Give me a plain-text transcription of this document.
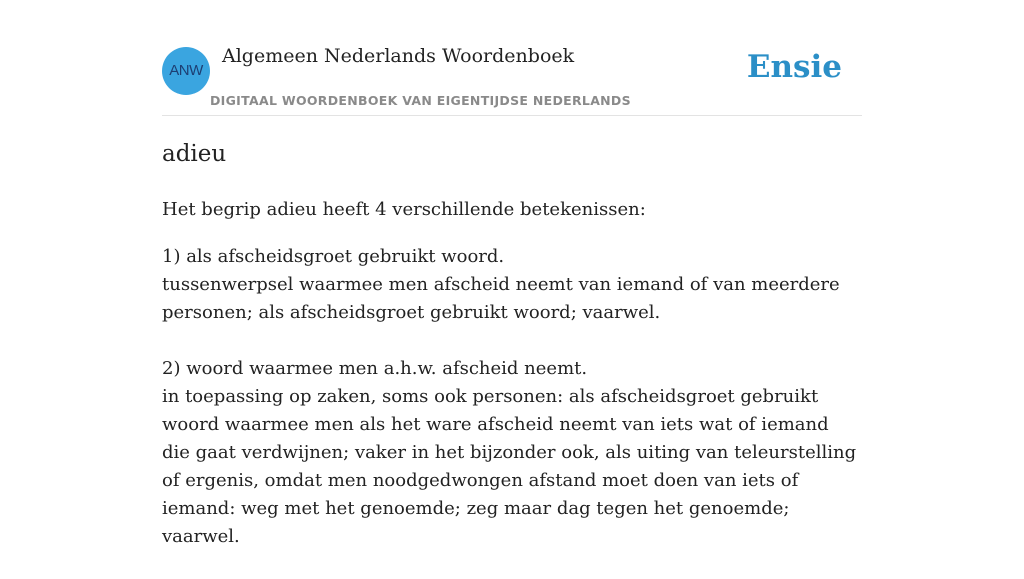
ANW
Algemeen Nederlands Woordenboek
DIGITAAL WOORDENBOEK VAN EIGENTIJDSE NEDERLANDS
Ensie
adieu

Het begrip adieu heeft 4 verschillende betekenissen:

1) als afscheidsgroet gebruikt woord.

tussenwerpsel waarmee men afscheid neemt van iemand of van meerdere personen; als afscheidsgroet gebruikt woord; vaarwel.

2) woord waarmee men a.h.w. afscheid neemt.

in toepassing op zaken, soms ook personen: als afscheidsgroet gebruikt woord waarmee men als het ware afscheid neemt van iets wat of iemand die gaat verdwijnen; vaker in het bijzonder ook, als uiting van teleurstelling of ergenis, omdat men noodgedwongen afstand moet doen van iets of iemand: weg met het genoemde; zeg maar dag tegen het genoemde; vaarwel.
